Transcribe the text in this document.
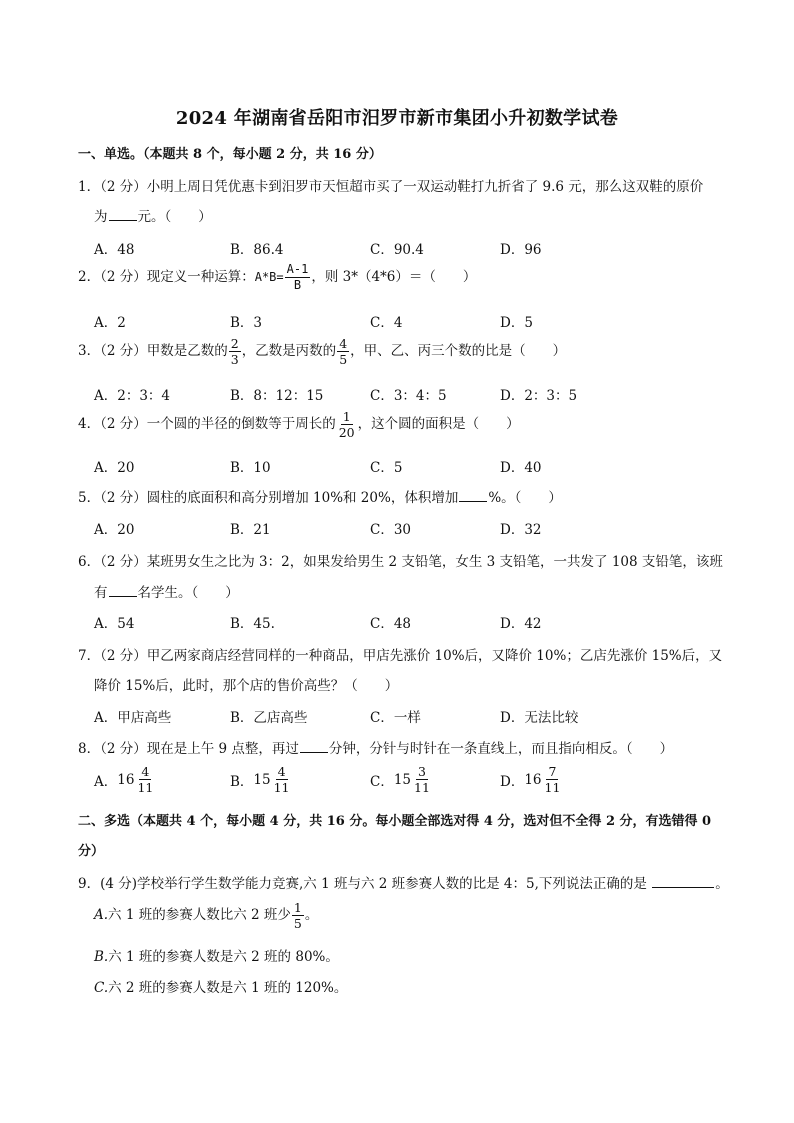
2024 年湖南省岳阳市汨罗市新市集团小升初数学试卷
一、单选。（本题共 8 个，每小题 2 分，共 16 分）
1．（2 分）小明上周日凭优惠卡到汨罗市天恒超市买了一双运动鞋打九折省了 9.6 元，那么这双鞋的原价
为 元。（　　）
A．48	B．86.4	C．90.4	D．96
2．（2 分）现定义一种运算：$A*B= \frac{A-1}{B}$ ，则 3*（4*6）＝（　　）
A．2	B．3	C．4	D．5
3．（2 分）甲数是乙数的 $\frac{2}{3}$ ，乙数是丙数的 $\frac{4}{5}$ ，甲、乙、丙三个数的比是（　　）
A．2：3：4	B．8：12：15	C．3：4：5	D．2：3：5
4．（2 分）一个圆的半径的倒数等于周长的 $\frac{1}{20}$ ，这个圆的面积是（　　）
A．20	B．10	C．5	D．40
5．（2 分）圆柱的底面积和高分别增加 10%和 20%，体积增加 %。（　　）
A．20	B．21	C．30	D．32
6．（2 分）某班男女生之比为 3：2，如果发给男生 2 支铅笔，女生 3 支铅笔，一共发了 108 支铅笔，该班
有 名学生。（　　）
A．54	B．45.	C．48	D．42
7．（2 分）甲乙两家商店经营同样的一种商品，甲店先涨价 10%后，又降价 10%；乙店先涨价 15%后，又
降价 15%后，此时，那个店的售价高些？（　　）
A．甲店高些	B．乙店高些	C．一样	D．无法比较
8．（2 分）现在是上午 9 点整，再过 分钟，分针与时针在一条直线上，而且指向相反。（　　）
A． $16 \frac{4}{11}$	B． $15 \frac{4}{11}$	C． $15 \frac{3}{11}$	D． $16 \frac{7}{11}$
二、多选（本题共 4 个，每小题 4 分，共 16 分。每小题全部选对得 4 分，选对但不全得 2 分，有选错得 0
分）
9．(4 分)学校举行学生数学能力竞赛,六 1 班与六 2 班参赛人数的比是 4：5,下列说法正确的是	。
A.六 1 班的参赛人数比六 2 班少 $\frac{1}{5}$ 。
B.六 1 班的参赛人数是六 2 班的 80%。
C.六 2 班的参赛人数是六 1 班的 120%。
